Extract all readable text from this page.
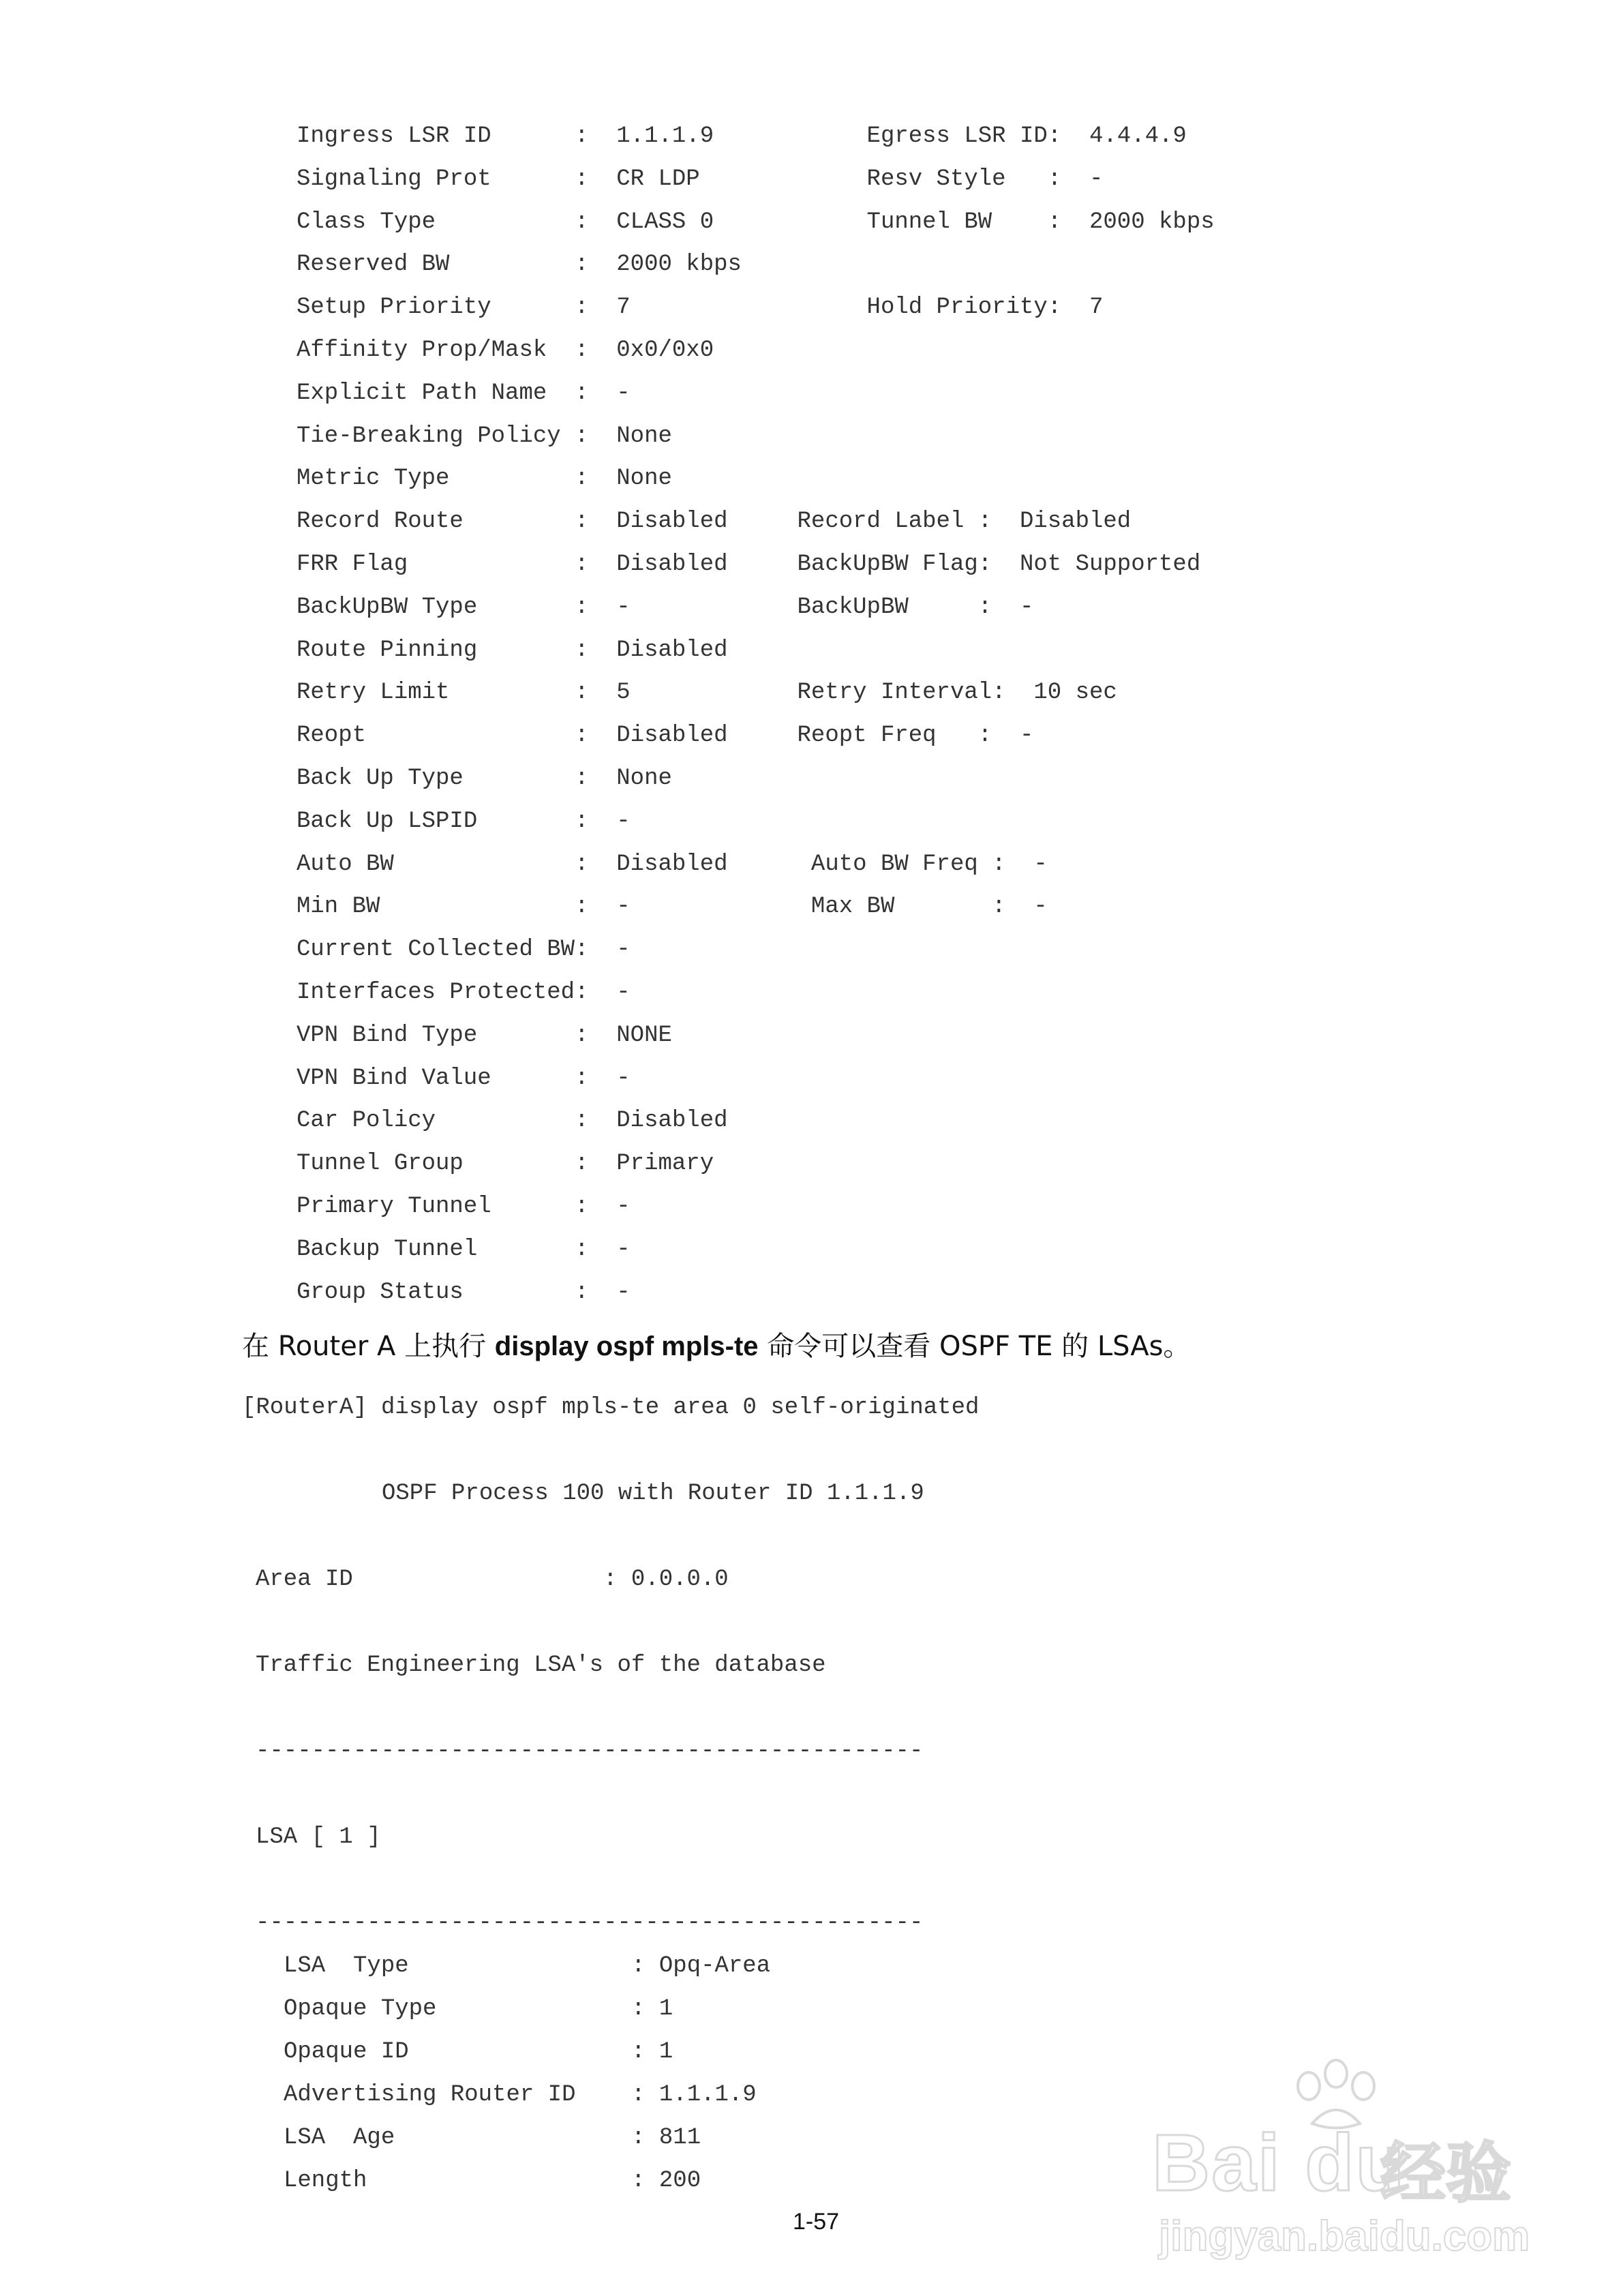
Ingress LSR ID      :  1.1.1.9           Egress LSR ID:  4.4.4.9
Signaling Prot      :  CR LDP            Resv Style   :  -
Class Type          :  CLASS 0           Tunnel BW    :  2000 kbps
Reserved BW         :  2000 kbps
Setup Priority      :  7                 Hold Priority:  7
Affinity Prop/Mask  :  0x0/0x0
Explicit Path Name  :  -
Tie-Breaking Policy :  None
Metric Type         :  None
Record Route        :  Disabled     Record Label :  Disabled
FRR Flag            :  Disabled     BackUpBW Flag:  Not Supported
BackUpBW Type       :  -            BackUpBW     :  -
Route Pinning       :  Disabled
Retry Limit         :  5            Retry Interval:  10 sec
Reopt               :  Disabled     Reopt Freq   :  -
Back Up Type        :  None
Back Up LSPID       :  -
Auto BW             :  Disabled      Auto BW Freq :  -
Min BW              :  -             Max BW       :  -
Current Collected BW:  -
Interfaces Protected:  -
VPN Bind Type       :  NONE
VPN Bind Value      :  -
Car Policy          :  Disabled
Tunnel Group        :  Primary
Primary Tunnel      :  -
Backup Tunnel       :  -
Group Status        :  -
在 Router A 上执行 display ospf mpls-te 命令可以查看 OSPF TE 的 LSAs。
[RouterA] display ospf mpls-te area 0 self-originated
OSPF Process 100 with Router ID 1.1.1.9
Area ID                  : 0.0.0.0
Traffic Engineering LSA's of the database
------------------------------------------------
LSA [ 1 ]
------------------------------------------------
LSA  Type                : Opq-Area
Opaque Type              : 1
Opaque ID                : 1
Advertising Router ID    : 1.1.1.9
LSA  Age                 : 811
Length                   : 200
1-57
Bai du
经验
jingyan.baidu.com
